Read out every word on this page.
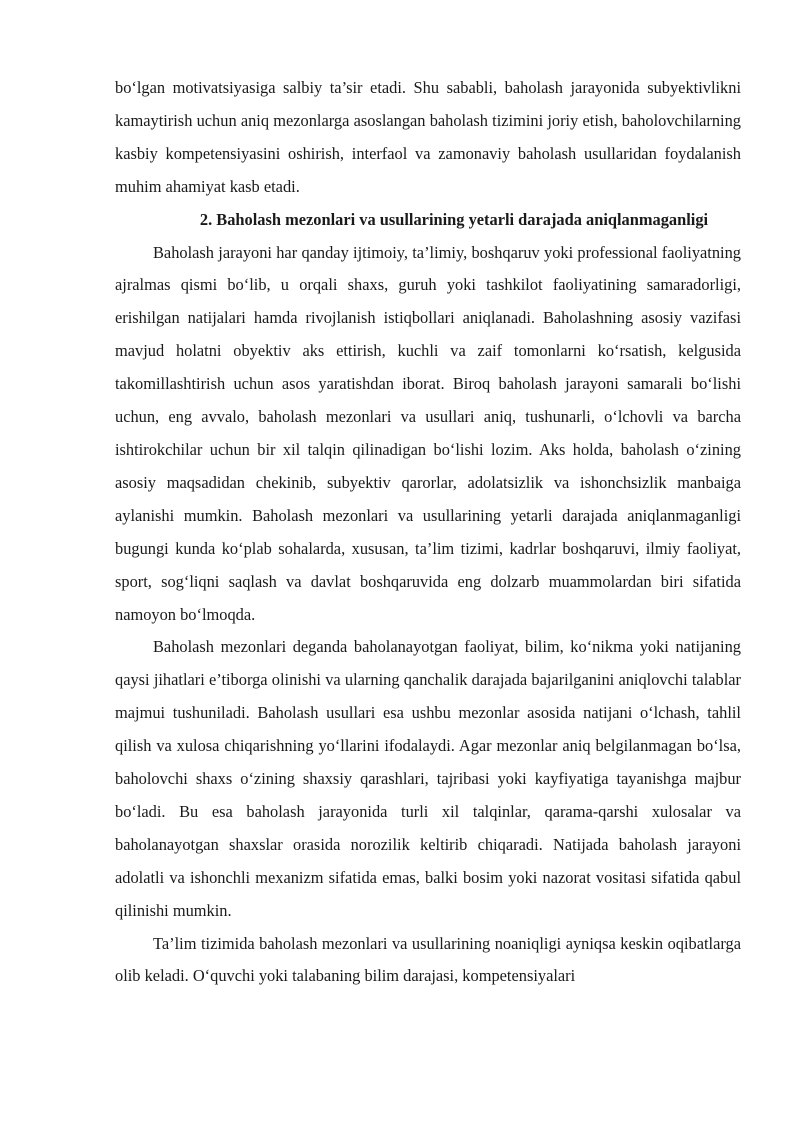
bo‘lgan motivatsiyasiga salbiy ta’sir etadi. Shu sababli, baholash jarayonida subyektivlikni kamaytirish uchun aniq mezonlarga asoslangan baholash tizimini joriy etish, baholovchilarning kasbiy kompetensiyasini oshirish, interfaol va zamonaviy baholash usullaridan foydalanish muhim ahamiyat kasb etadi.

2. Baholash mezonlari va usullarining yetarli darajada aniqlanmaganligi

Baholash jarayoni har qanday ijtimoiy, ta’limiy, boshqaruv yoki professional faoliyatning ajralmas qismi bo‘lib, u orqali shaxs, guruh yoki tashkilot faoliyatining samaradorligi, erishilgan natijalari hamda rivojlanish istiqbollari aniqlanadi. Baholashning asosiy vazifasi mavjud holatni obyektiv aks ettirish, kuchli va zaif tomonlarni ko‘rsatish, kelgusida takomillashtirish uchun asos yaratishdan iborat. Biroq baholash jarayoni samarali bo‘lishi uchun, eng avvalo, baholash mezonlari va usullari aniq, tushunarli, o‘lchovli va barcha ishtirokchilar uchun bir xil talqin qilinadigan bo‘lishi lozim. Aks holda, baholash o‘zining asosiy maqsadidan chekinib, subyektiv qarorlar, adolatsizlik va ishonchsizlik manbaiga aylanishi mumkin. Baholash mezonlari va usullarining yetarli darajada aniqlanmaganligi bugungi kunda ko‘plab sohalarda, xususan, ta’lim tizimi, kadrlar boshqaruvi, ilmiy faoliyat, sport, sog‘liqni saqlash va davlat boshqaruvida eng dolzarb muammolardan biri sifatida namoyon bo‘lmoqda.

Baholash mezonlari deganda baholanayotgan faoliyat, bilim, ko‘nikma yoki natijaning qaysi jihatlari e’tiborga olinishi va ularning qanchalik darajada bajarilganini aniqlovchi talablar majmui tushuniladi. Baholash usullari esa ushbu mezonlar asosida natijani o‘lchash, tahlil qilish va xulosa chiqarishning yo‘llarini ifodalaydi. Agar mezonlar aniq belgilanmagan bo‘lsa, baholovchi shaxs o‘zining shaxsiy qarashlari, tajribasi yoki kayfiyatiga tayanishga majbur bo‘ladi. Bu esa baholash jarayonida turli xil talqinlar, qarama-qarshi xulosalar va baholanayotgan shaxslar orasida norozilik keltirib chiqaradi. Natijada baholash jarayoni adolatli va ishonchli mexanizm sifatida emas, balki bosim yoki nazorat vositasi sifatida qabul qilinishi mumkin.

Ta’lim tizimida baholash mezonlari va usullarining noaniqligi ayniqsa keskin oqibatlarga olib keladi. O‘quvchi yoki talabaning bilim darajasi, kompetensiyalari
